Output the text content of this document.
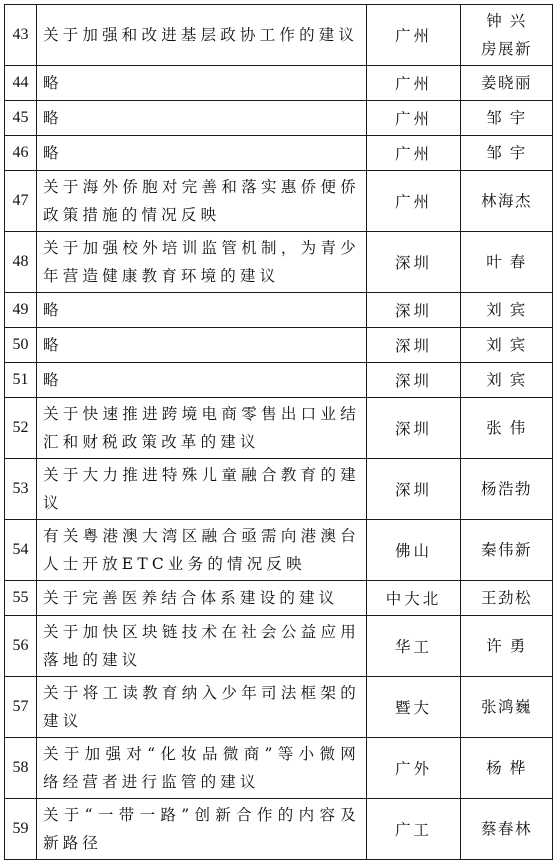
43	关于加强和改进基层政协工作的建议	广州	钟 兴
房展新
44	略	广州	姜晓丽
45	略	广州	邹 宇
46	略	广州	邹 宇
47	关于海外侨胞对完善和落实惠侨便侨政策措施的情况反映	广州	林海杰
48	关于加强校外培训监管机制，为青少年营造健康教育环境的建议	深圳	叶 春
49	略	深圳	刘 宾
50	略	深圳	刘 宾
51	略	深圳	刘 宾
52	关于快速推进跨境电商零售出口业结汇和财税政策改革的建议	深圳	张 伟
53	关于大力推进特殊儿童融合教育的建议	深圳	杨浩勃
54	有关粤港澳大湾区融合亟需向港澳台人士开放ETC业务的情况反映	佛山	秦伟新
55	关于完善医养结合体系建设的建议	中大北	王劲松
56	关于加快区块链技术在社会公益应用落地的建议	华工	许 勇
57	关于将工读教育纳入少年司法框架的建议	暨大	张鸿巍
58	关于加强对“化妆品微商”等小微网络经营者进行监管的建议	广外	杨 桦
59	关于“一带一路”创新合作的内容及新路径	广工	蔡春林
